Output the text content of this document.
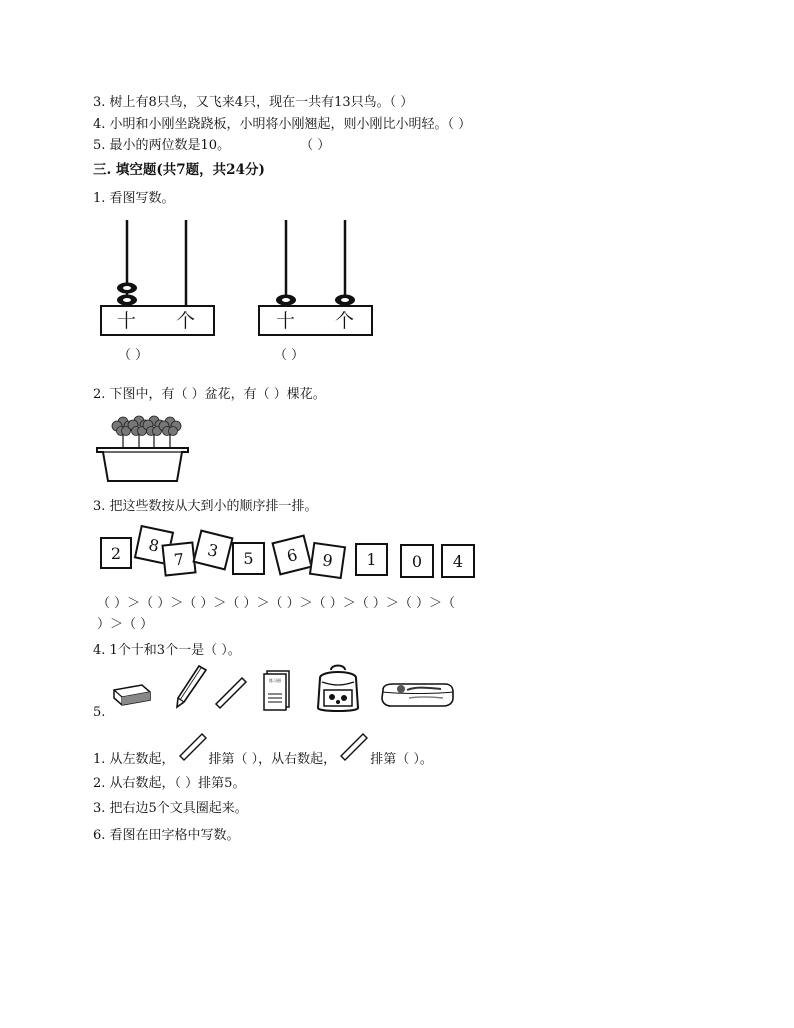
3. 树上有8只鸟，又飞来4只，现在一共有13只鸟。（ ）
4. 小明和小刚坐跷跷板，小明将小刚翘起，则小刚比小明轻。（ ）
5. 最小的两位数是10。	（ ）
三. 填空题(共7题，共24分)
1. 看图写数。
十 个	十 个
（ ）	（ ）
2. 下图中，有（ ）盆花，有（ ）棵花。
3. 把这些数按从大到小的顺序排一排。
2	8
7	3	5	6	9	1	0	4
（ ）＞（ ）＞（ ）＞（ ）＞（ ）＞（ ）＞（ ）＞（ ）＞（
）＞（ ）
4. 1个十和3个一是（ ）。
5.
练习册
1. 从左数起，	排第（ ），从右数起，	排第（ ）。
2. 从右数起，（ ）排第5。
3. 把右边5个文具圈起来。
6. 看图在田字格中写数。
